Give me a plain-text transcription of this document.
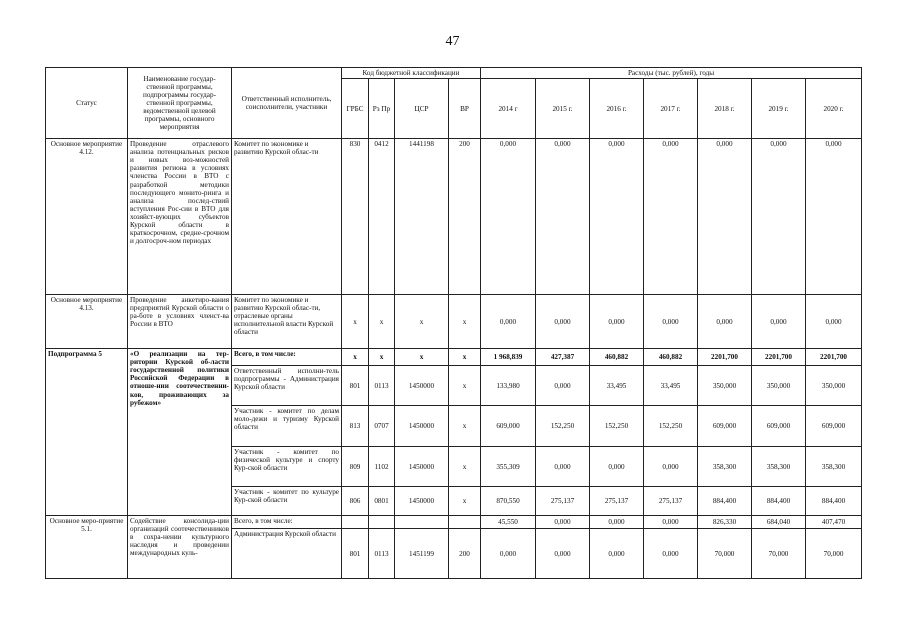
47
Статус	Наименование государ-ственной программы, подпрограммы государ-ственной программы, ведомственной целевой программы, основного мероприятия	Ответственный исполнитель, соисполнители, участники	Код бюджетной классификации				Расходы (тыс. рублей), годы						
			ГРБС	Рз Пр	ЦСР	ВР	2014 г	2015 г.	2016 г.	2017 г.	2018 г.	2019 г.	2020 г.
Основное мероприятие 4.12.	Проведение отраслевого анализа потенциальных рисков и новых воз-можностей развития региона в условиях членства России в ВТО с разработкой методики последующего монито-ринга и анализа послед-ствий вступления Рос-сии в ВТО для хозяйст-вующих субъектов Курской области в краткосрочном, средне-срочном и долгосроч-ном периодах	Комитет по экономике и развитию Курской облас-ти	830	0412	1441198	200	0,000	0,000	0,000	0,000	0,000	0,000	0,000
Основное мероприятие 4.13.	Проведение анкетиро-вания предприятий Курской области о ра-боте в условиях членст-ва России в ВТО	Комитет по экономике и развитию Курской облас-ти, отраслевые органы исполнительной власти Курской области	х	х	х	х	0,000	0,000	0,000	0,000	0,000	0,000	0,000
Подпрограмма 5	«О реализации на тер-ритории Курской об-ласти государственной политики Российской Федерации в отноше-нии соотечественни-ков, проживающих за рубежом»	Всего, в том числе:	х	х	х	х	1 968,839	427,387	460,882	460,882	2201,700	2201,700	2201,700
		Ответственный исполни-тель подпрограммы - Администрация Курской области	801	0113	1450000	х	133,980	0,000	33,495	33,495	350,000	350,000	350,000
		Участник - комитет по делам моло-дежи и туризму Курской области	813	0707	1450000	х	609,000	152,250	152,250	152,250	609,000	609,000	609,000
		Участник - комитет по физической культуре и спорту Кур-ской области	809	1102	1450000	х	355,309	0,000	0,000	0,000	358,300	358,300	358,300
		Участник - комитет по культуре Кур-ской области	806	0801	1450000	х	870,550	275,137	275,137	275,137	884,400	884,400	884,400
Основное меро-приятие 5.1.	Содействие консолида-ции организаций соотечественников в сохра-нении культурного наследия и проведении международных куль-	Всего, в том числе:					45,550	0,000	0,000	0,000	826,330	684,040	407,470
		Администрация Курской области	801	0113	1451199	200	0,000	0,000	0,000	0,000	70,000	70,000	70,000
